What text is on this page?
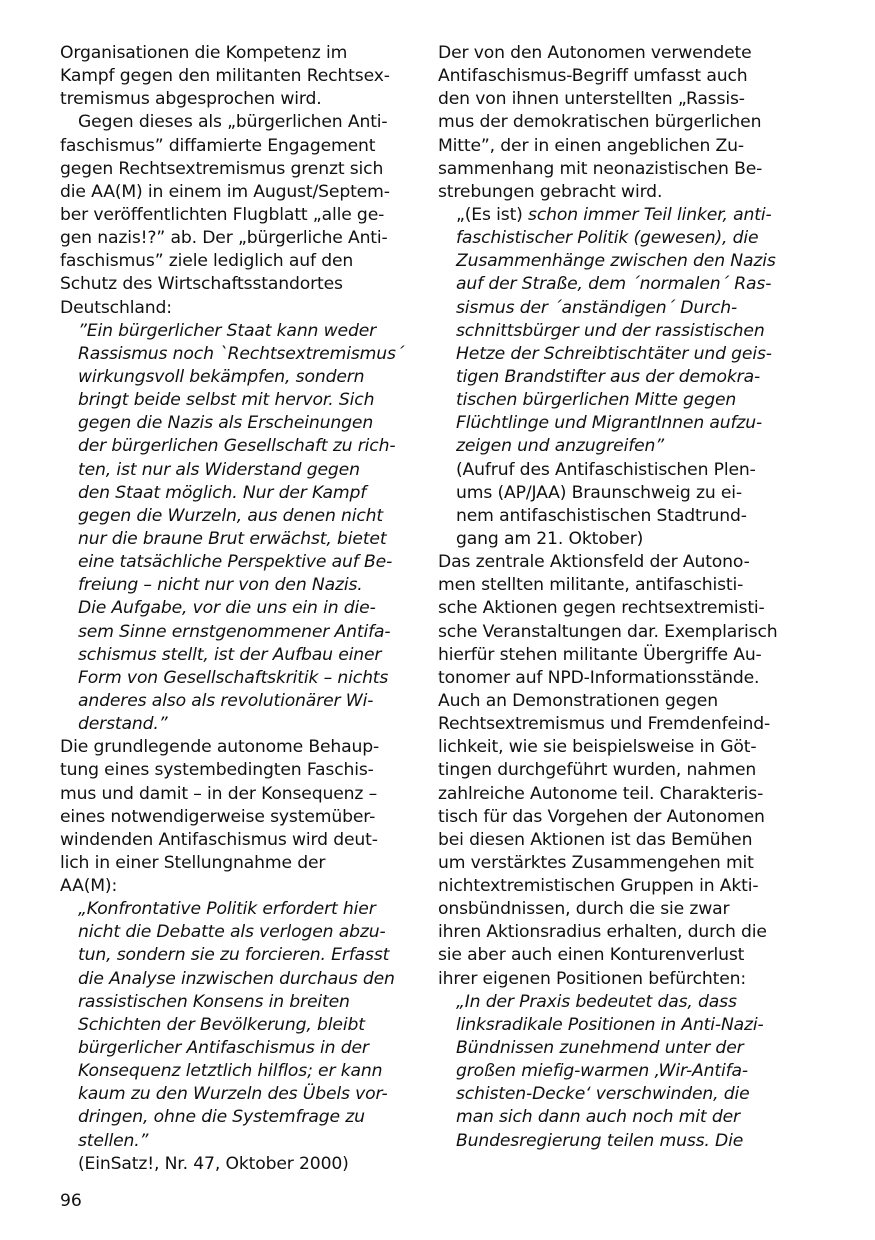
Organisationen die Kompetenz im
Kampf gegen den militanten Rechtsex-
tremismus abgesprochen wird.
Gegen dieses als „bürgerlichen Anti-
faschismus” diffamierte Engagement
gegen Rechtsextremismus grenzt sich
die AA(M) in einem im August/Septem-
ber veröffentlichten Flugblatt „alle ge-
gen nazis!?” ab. Der „bürgerliche Anti-
faschismus” ziele lediglich auf den
Schutz des Wirtschaftsstandortes
Deutschland:
”Ein bürgerlicher Staat kann weder
Rassismus noch `Rechtsextremismus´
wirkungsvoll bekämpfen, sondern
bringt beide selbst mit hervor. Sich
gegen die Nazis als Erscheinungen
der bürgerlichen Gesellschaft zu rich-
ten, ist nur als Widerstand gegen
den Staat möglich. Nur der Kampf
gegen die Wurzeln, aus denen nicht
nur die braune Brut erwächst, bietet
eine tatsächliche Perspektive auf Be-
freiung – nicht nur von den Nazis.
Die Aufgabe, vor die uns ein in die-
sem Sinne ernstgenommener Antifa-
schismus stellt, ist der Aufbau einer
Form von Gesellschaftskritik – nichts
anderes also als revolutionärer Wi-
derstand.”
Die grundlegende autonome Behaup-
tung eines systembedingten Faschis-
mus und damit – in der Konsequenz –
eines notwendigerweise systemüber-
windenden Antifaschismus wird deut-
lich in einer Stellungnahme der
AA(M):
„Konfrontative Politik erfordert hier
nicht die Debatte als verlogen abzu-
tun, sondern sie zu forcieren. Erfasst
die Analyse inzwischen durchaus den
rassistischen Konsens in breiten
Schichten der Bevölkerung, bleibt
bürgerlicher Antifaschismus in der
Konsequenz letztlich hilflos; er kann
kaum zu den Wurzeln des Übels vor-
dringen, ohne die Systemfrage zu
stellen.”
(EinSatz!, Nr. 47, Oktober 2000)
Der von den Autonomen verwendete
Antifaschismus-Begriff umfasst auch
den von ihnen unterstellten „Rassis-
mus der demokratischen bürgerlichen
Mitte”, der in einen angeblichen Zu-
sammenhang mit neonazistischen Be-
strebungen gebracht wird.
„(Es ist) schon immer Teil linker, anti-
faschistischer Politik (gewesen), die
Zusammenhänge zwischen den Nazis
auf der Straße, dem ´normalen´ Ras-
sismus der ´anständigen´ Durch-
schnittsbürger und der rassistischen
Hetze der Schreibtischtäter und geis-
tigen Brandstifter aus der demokra-
tischen bürgerlichen Mitte gegen
Flüchtlinge und MigrantInnen aufzu-
zeigen und anzugreifen”
(Aufruf des Antifaschistischen Plen-
ums (AP/JAA) Braunschweig zu ei-
nem antifaschistischen Stadtrund-
gang am 21. Oktober)
Das zentrale Aktionsfeld der Autono-
men stellten militante, antifaschisti-
sche Aktionen gegen rechtsextremisti-
sche Veranstaltungen dar. Exemplarisch
hierfür stehen militante Übergriffe Au-
tonomer auf NPD-Informationsstände.
Auch an Demonstrationen gegen
Rechtsextremismus und Fremdenfeind-
lichkeit, wie sie beispielsweise in Göt-
tingen durchgeführt wurden, nahmen
zahlreiche Autonome teil. Charakteris-
tisch für das Vorgehen der Autonomen
bei diesen Aktionen ist das Bemühen
um verstärktes Zusammengehen mit
nichtextremistischen Gruppen in Akti-
onsbündnissen, durch die sie zwar
ihren Aktionsradius erhalten, durch die
sie aber auch einen Konturenverlust
ihrer eigenen Positionen befürchten:
„In der Praxis bedeutet das, dass
linksradikale Positionen in Anti-Nazi-
Bündnissen zunehmend unter der
großen miefig-warmen ‚Wir-Antifa-
schisten-Decke‘ verschwinden, die
man sich dann auch noch mit der
Bundesregierung teilen muss. Die
96
